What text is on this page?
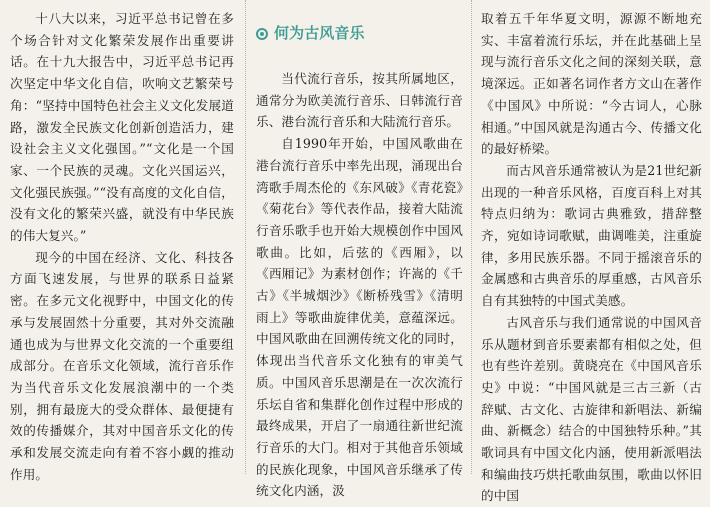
十八大以来，习近平总书记曾在多个场合针对文化繁荣发展作出重要讲话。在十九大报告中，习近平总书记再次坚定中华文化自信，吹响文艺繁荣号角：“坚持中国特色社会主义文化发展道路，激发全民族文化创新创造活力，建设社会主义文化强国。”“文化是一个国家、一个民族的灵魂。文化兴国运兴，文化强民族强。”“没有高度的文化自信，没有文化的繁荣兴盛，就没有中华民族的伟大复兴。”

现今的中国在经济、文化、科技各方面飞速发展，与世界的联系日益紧密。在多元文化视野中，中国文化的传承与发展固然十分重要，其对外交流融通也成为与世界文化交流的一个重要组成部分。在音乐文化领域，流行音乐作为当代音乐文化发展浪潮中的一个类别，拥有最庞大的受众群体、最便捷有效的传播媒介，其对中国音乐文化的传承和发展交流走向有着不容小觑的推动作用。

何为古风音乐

当代流行音乐，按其所属地区，通常分为欧美流行音乐、日韩流行音乐、港台流行音乐和大陆流行音乐。

自1990年开始，中国风歌曲在港台流行音乐中率先出现，涌现出台湾歌手周杰伦的《东风破》《青花瓷》《菊花台》等代表作品，接着大陆流行音乐歌手也开始大规模创作中国风歌曲。比如，后弦的《西厢》，以《西厢记》为素材创作；许嵩的《千古》《半城烟沙》《断桥残雪》《清明雨上》等歌曲旋律优美，意蕴深远。中国风歌曲在回溯传统文化的同时，体现出当代音乐文化独有的审美气质。中国风音乐思潮是在一次次流行乐坛自省和集群化创作过程中形成的最终成果，开启了一扇通往新世纪流行音乐的大门。相对于其他音乐领域的民族化现象，中国风音乐继承了传统文化内涵，汲

取着五千年华夏文明，源源不断地充实、丰富着流行乐坛，并在此基础上呈现与流行音乐文化之间的深刻关联，意境深远。正如著名词作者方文山在著作《中国风》中所说：“今古词人，心脉相通。”中国风就是沟通古今、传播文化的最好桥梁。

而古风音乐通常被认为是21世纪新出现的一种音乐风格，百度百科上对其特点归纳为：歌词古典雅致，措辞整齐，宛如诗词歌赋，曲调唯美，注重旋律，多用民族乐器。不同于摇滚音乐的金属感和古典音乐的厚重感，古风音乐自有其独特的中国式美感。

古风音乐与我们通常说的中国风音乐从题材到音乐要素都有相似之处，但也有些许差别。黄晓亮在《中国风音乐史》中说：“中国风就是三古三新（古辞赋、古文化、古旋律和新唱法、新编曲、新概念）结合的中国独特乐种。”其歌词具有中国文化内涵，使用新派唱法和编曲技巧烘托歌曲氛围，歌曲以怀旧的中国
